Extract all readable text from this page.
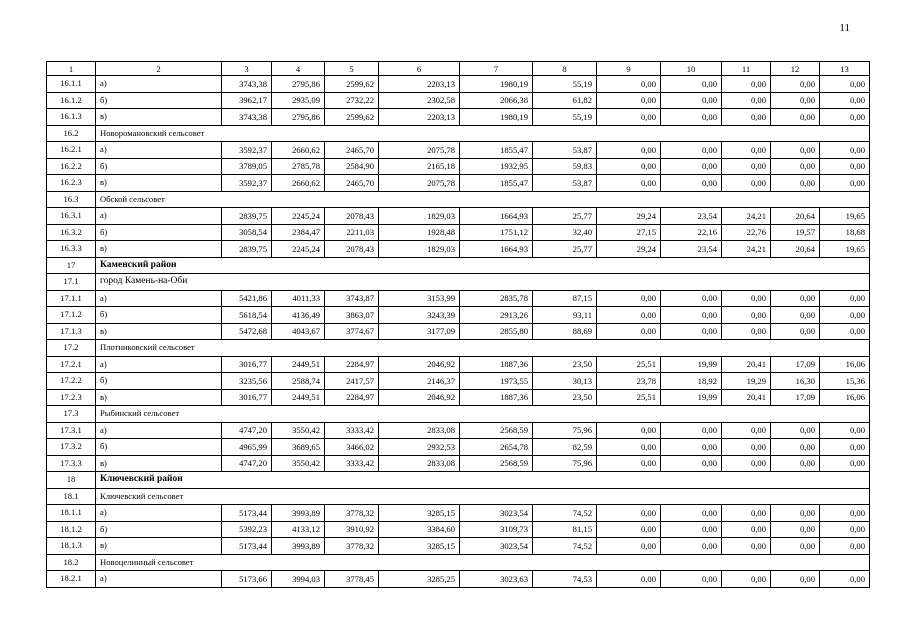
11
1	2	3	4	5	6	7	8	9	10	11	12	13
16.1.1	а)	3743,38	2795,86	2599,62	2203,13	1980,19	55,19	0,00	0,00	0,00	0,00	0,00
16.1.2	б)	3962,17	2935,09	2732,22	2302,58	2066,38	61,82	0,00	0,00	0,00	0,00	0,00
16.1.3	в)	3743,38	2795,86	2599,62	2203,13	1980,19	55,19	0,00	0,00	0,00	0,00	0,00
16.2	Новоромановский сельсовет											
16.2.1	а)	3592,37	2660,62	2465,70	2075,78	1855,47	53,87	0,00	0,00	0,00	0,00	0,00
16.2.2	б)	3789,05	2785,78	2584,90	2165,18	1932,95	59,83	0,00	0,00	0,00	0,00	0,00
16.2.3	в)	3592,37	2660,62	2465,70	2075,78	1855,47	53,87	0,00	0,00	0,00	0,00	0,00
16.3	Обской сельсовет											
16.3.1	а)	2839,75	2245,24	2078,43	1829,03	1664,93	25,77	29,24	23,54	24,21	20,64	19,65
16.3.2	б)	3058,54	2384,47	2211,03	1928,48	1751,12	32,40	27,15	22,16	22,76	19,57	18,68
16.3.3	в)	2839,75	2245,24	2078,43	1829,03	1664,93	25,77	29,24	23,54	24,21	20,64	19,65
17	Каменский район											
17.1	город Камень-на-Оби											
17.1.1	а)	5421,86	4011,33	3743,87	3153,99	2835,78	87,15	0,00	0,00	0,00	0,00	0,00
17.1.2	б)	5618,54	4136,49	3863,07	3243,39	2913,26	93,11	0,00	0,00	0,00	0,00	0,00
17.1.3	в)	5472,68	4043,67	3774,67	3177,09	2855,80	88,69	0,00	0,00	0,00	0,00	0,00
17.2	Плотниковский сельсовет											
17.2.1	а)	3016,77	2449,51	2284,97	2046,92	1887,36	23,50	25,51	19,99	20,41	17,09	16,06
17.2.2	б)	3235,56	2588,74	2417,57	2146,37	1973,55	30,13	23,78	18,92	19,29	16,30	15,36
17.2.3	в)	3016,77	2449,51	2284,97	2046,92	1887,36	23,50	25,51	19,99	20,41	17,09	16,06
17.3	Рыбинский сельсовет											
17.3.1	а)	4747,20	3550,42	3333,42	2833,08	2568,59	75,96	0,00	0,00	0,00	0,00	0,00
17.3.2	б)	4965,99	3689,65	3466,02	2932,53	2654,78	82,59	0,00	0,00	0,00	0,00	0,00
17.3.3	в)	4747,20	3550,42	3333,42	2833,08	2568,59	75,96	0,00	0,00	0,00	0,00	0,00
18	Ключевский район											
18.1	Ключевский сельсовет											
18.1.1	а)	5173,44	3993,89	3778,32	3285,15	3023,54	74,52	0,00	0,00	0,00	0,00	0,00
18.1.2	б)	5392,23	4133,12	3910,92	3384,60	3109,73	81,15	0,00	0,00	0,00	0,00	0,00
18.1.3	в)	5173,44	3993,89	3778,32	3285,15	3023,54	74,52	0,00	0,00	0,00	0,00	0,00
18.2	Новоцелинный сельсовет											
18.2.1	а)	5173,66	3994,03	3778,45	3285,25	3023,63	74,53	0,00	0,00	0,00	0,00	0,00
